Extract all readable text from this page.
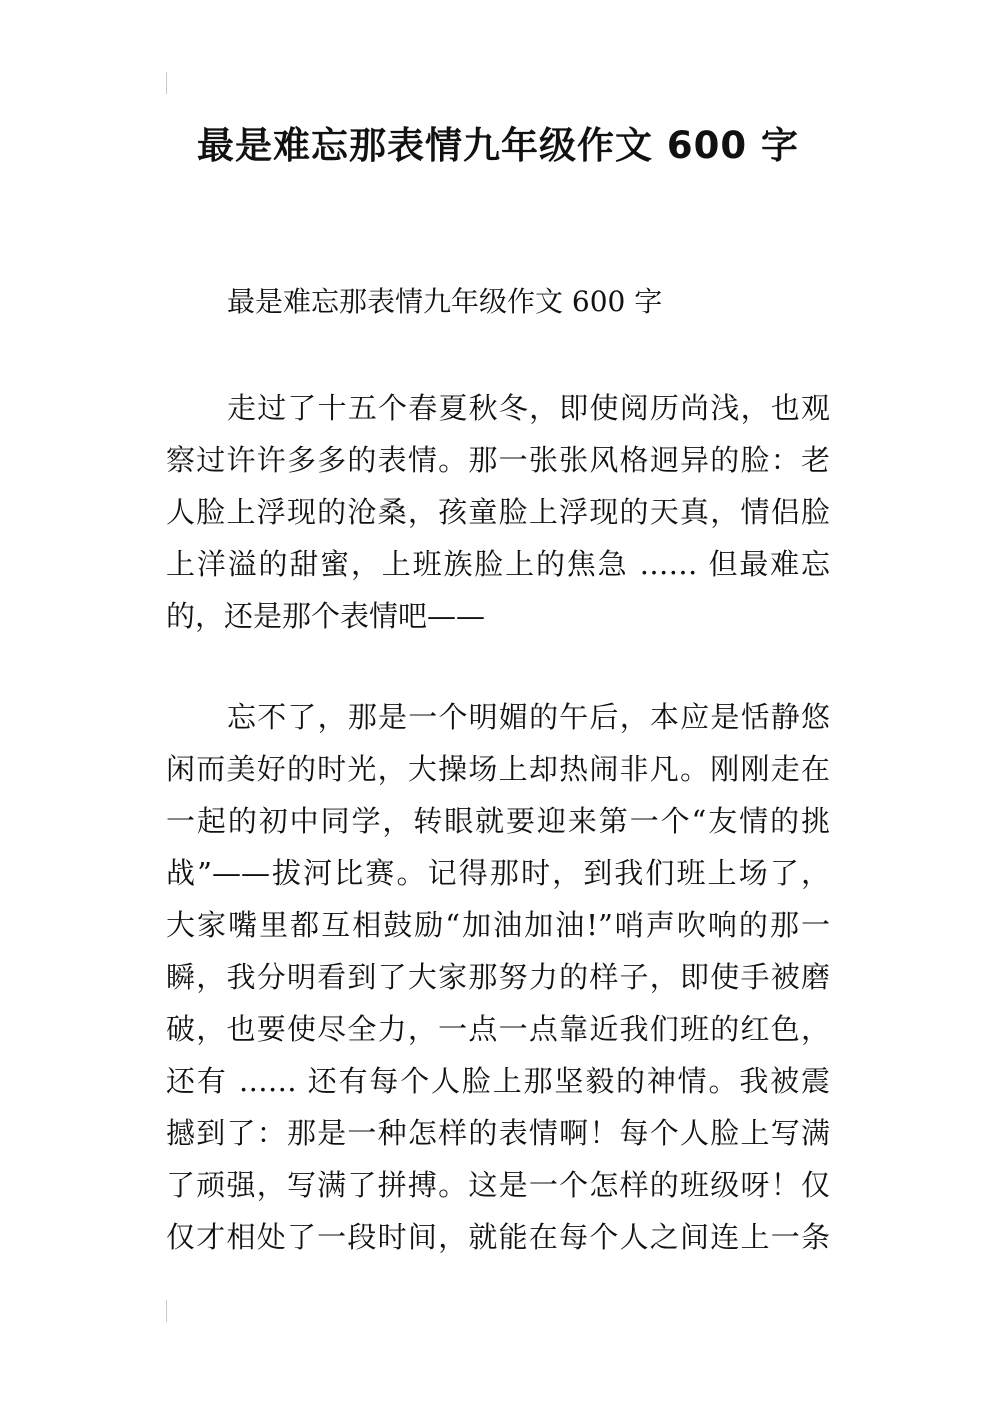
最是难忘那表情九年级作文 600 字
最是难忘那表情九年级作文 600 字
走过了十五个春夏秋冬，即使阅历尚浅，也观
察过许许多多的表情。那一张张风格迥异的脸：老
人脸上浮现的沧桑，孩童脸上浮现的天真，情侣脸
上洋溢的甜蜜，上班族脸上的焦急 …… 但最难忘
的，还是那个表情吧——
忘不了，那是一个明媚的午后，本应是恬静悠
闲而美好的时光，大操场上却热闹非凡。刚刚走在
一起的初中同学，转眼就要迎来第一个“友情的挑
战”——拔河比赛。记得那时，到我们班上场了，
大家嘴里都互相鼓励“加油加油!”哨声吹响的那一
瞬，我分明看到了大家那努力的样子，即使手被磨
破，也要使尽全力，一点一点靠近我们班的红色，
还有 …… 还有每个人脸上那坚毅的神情。我被震
撼到了：那是一种怎样的表情啊！每个人脸上写满
了顽强，写满了拼搏。这是一个怎样的班级呀！仅
仅才相处了一段时间，就能在每个人之间连上一条
